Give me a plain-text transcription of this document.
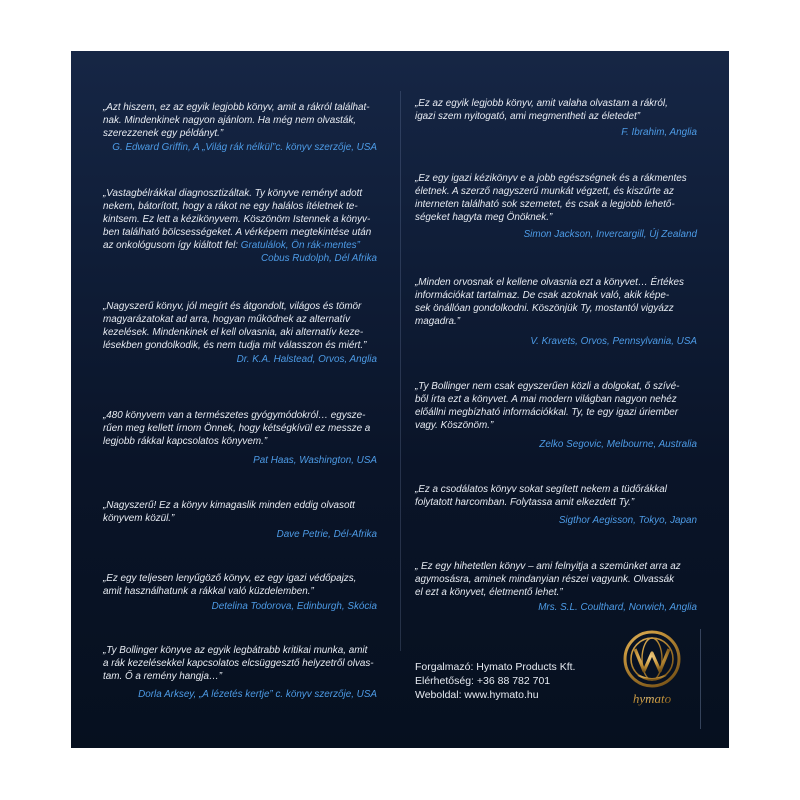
„Azt hiszem, ez az egyik legjobb könyv, amit a rákról találhat-

nak. Mindenkinek nagyon ajánlom. Ha még nem olvasták,

szerezzenek egy példányt.”

G. Edward Griffin, A „Világ rák nélkül”c. könyv szerzője, USA

„Vastagbélrákkal diagnosztizáltak. Ty könyve reményt adott

nekem, bátorított, hogy a rákot ne egy halálos ítéletnek te-

kintsem. Ez lett a kézikönyvem. Köszönöm Istennek a könyv-

ben található bölcsességeket. A vérképem megtekintése után

az onkológusom így kiáltott fel: Gratulálok, Ön rák-mentes”

Cobus Rudolph, Dél Afrika

„Nagyszerű könyv, jól megírt és átgondolt, világos és tömör

magyarázatokat ad arra, hogyan működnek az alternatív

kezelések. Mindenkinek el kell olvasnia, aki alternatív keze-

lésekben gondolkodik, és nem tudja mit válasszon és miért.”

Dr. K.A. Halstead, Orvos, Anglia

„480 könyvem van a természetes gyógymódokról… egysze-

rűen meg kellett írnom Önnek, hogy kétségkívül ez messze a

legjobb rákkal kapcsolatos könyvem.”

Pat Haas, Washington, USA

„Nagyszerű! Ez a könyv kimagaslik minden eddig olvasott

könyvem közül.”

Dave Petrie, Dél-Afrika

„Ez egy teljesen lenyűgöző könyv, ez egy igazi védőpajzs,

amit használhatunk a rákkal való küzdelemben.”

Detelina Todorova, Edinburgh, Skócia

„Ty Bollinger könyve az egyik legbátrabb kritikai munka, amit

a rák kezelésekkel kapcsolatos elcsüggesztő helyzetről olvas-

tam. Ő a remény hangja…”

Dorla Arksey, „A lézetés kertje” c. könyv szerzője, USA

„Ez az egyik legjobb könyv, amit valaha olvastam a rákról,

igazi szem nyitogató, ami megmentheti az életedet”

F. Ibrahim, Anglia

„Ez egy igazi kézikönyv e a jobb egészségnek és a rákmentes

életnek. A szerző nagyszerű munkát végzett, és kiszűrte az

interneten található sok szemetet, és csak a legjobb lehető-

ségeket hagyta meg Önöknek.”

Simon Jackson, Invercargill, Új Zealand

„Minden orvosnak el kellene olvasnia ezt a könyvet… Értékes

információkat tartalmaz. De csak azoknak való, akik képe-

sek önállóan gondolkodni. Köszönjük Ty, mostantól vigyázz

magadra.”

V. Kravets, Orvos, Pennsylvania, USA

„Ty Bollinger nem csak egyszerűen közli a dolgokat, ő szívé-

ből írta ezt a könyvet. A mai modern világban nagyon nehéz

előállni megbízható információkkal. Ty, te egy igazi úriember

vagy. Köszönöm.”

Zelko Segovic, Melbourne, Australia

„Ez a csodálatos könyv sokat segített nekem a tüdőrákkal

folytatott harcomban. Folytassa amit elkezdett Ty.”

Sigthor Aegisson, Tokyo, Japan

„ Ez egy hihetetlen könyv – ami felnyitja a szemünket arra az

agymosásra, aminek mindanyian részei vagyunk. Olvassák

el ezt a könyvet, életmentő lehet.”

Mrs. S.L. Coulthard, Norwich, Anglia

Forgalmazó: Hymato Products Kft.
Elérhetőség: +36 88 782 701
Weboldal: www.hymato.hu	hymato
